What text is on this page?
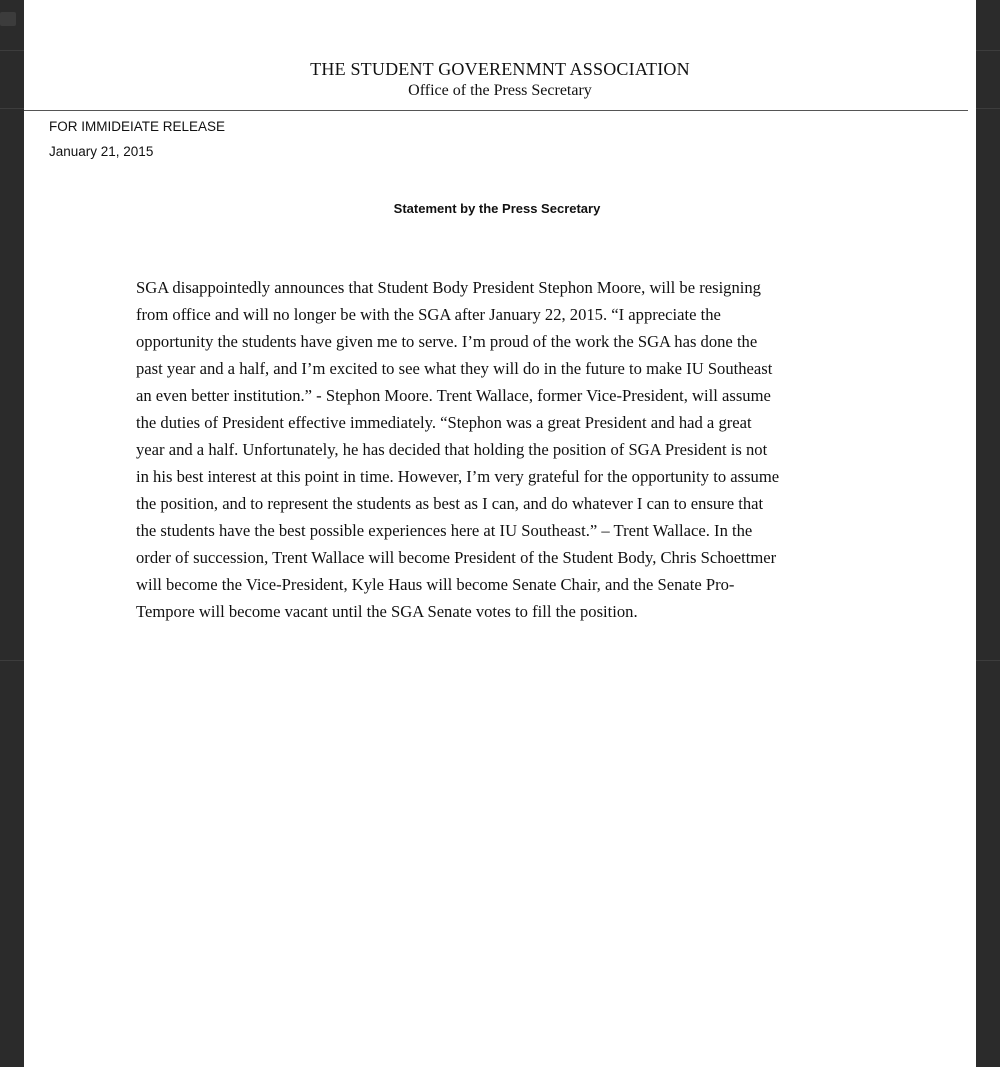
THE STUDENT GOVERENMNT ASSOCIATION
Office of the Press Secretary
FOR IMMIDEIATE RELEASE
January 21, 2015
Statement by the Press Secretary
SGA disappointedly announces that Student Body President Stephon Moore, will be resigning
from office and will no longer be with the SGA after January 22, 2015. “I appreciate the
opportunity the students have given me to serve. I’m proud of the work the SGA has done the
past year and a half, and I’m excited to see what they will do in the future to make IU Southeast
an even better institution.” - Stephon Moore. Trent Wallace, former Vice-President, will assume
the duties of President effective immediately. “Stephon was a great President and had a great
year and a half. Unfortunately, he has decided that holding the position of SGA President is not
in his best interest at this point in time. However, I’m very grateful for the opportunity to assume
the position, and to represent the students as best as I can, and do whatever I can to ensure that
the students have the best possible experiences here at IU Southeast.” – Trent Wallace. In the
order of succession, Trent Wallace will become President of the Student Body, Chris Schoettmer
will become the Vice-President, Kyle Haus will become Senate Chair, and the Senate Pro-
Tempore will become vacant until the SGA Senate votes to fill the position.
